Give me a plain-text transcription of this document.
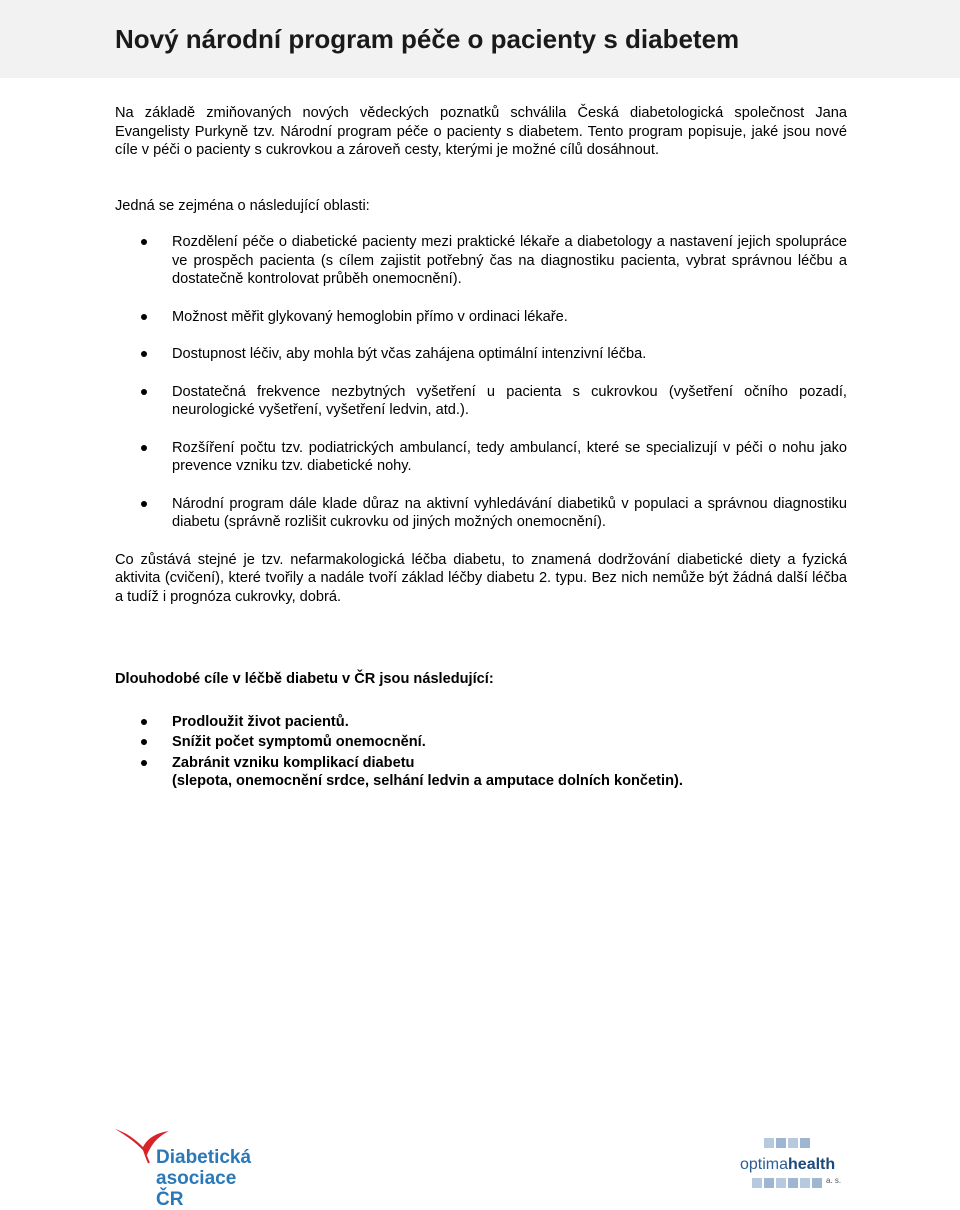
Nový národní program péče o pacienty s diabetem

Na základě zmiňovaných nových vědeckých poznatků schválila Česká diabetologická společnost Jana Evangelisty Purkyně tzv. Národní program péče o pacienty s diabetem. Tento program popisuje, jaké jsou nové cíle v péči o pacienty s cukrovkou a zároveň cesty, kterými je možné cílů dosáhnout.

Jedná se zejména o následující oblasti:

Rozdělení péče o diabetické pacienty mezi praktické lékaře a diabetology a nastavení jejich spolupráce ve prospěch pacienta (s cílem zajistit potřebný čas na diagnostiku pacienta, vybrat správnou léčbu a dostatečně kontrolovat průběh onemocnění).
Možnost měřit glykovaný hemoglobin přímo v ordinaci lékaře.
Dostupnost léčiv, aby mohla být včas zahájena optimální intenzivní léčba.
Dostatečná frekvence nezbytných vyšetření u pacienta s cukrovkou (vyšetření očního pozadí, neurologické vyšetření, vyšetření ledvin, atd.).
Rozšíření počtu tzv. podiatrických ambulancí, tedy ambulancí, které se specializují v péči o nohu jako prevence vzniku tzv. diabetické nohy.
Národní program dále klade důraz na aktivní vyhledávání diabetiků v populaci a správnou diagnostiku diabetu (správně rozlišit cukrovku od jiných možných onemocnění).

Co zůstává stejné je tzv. nefarmakologická léčba diabetu, to znamená dodržování diabetické diety a fyzická aktivita (cvičení), které tvořily a nadále tvoří základ léčby diabetu 2. typu. Bez nich nemůže být žádná další léčba a tudíž i prognóza cukrovky, dobrá.

Dlouhodobé cíle v léčbě diabetu v ČR jsou následující:

Prodloužit život pacientů.
Snížit počet symptomů onemocnění.
Zabránit vzniku komplikací diabetu
(slepota, onemocnění srdce, selhání ledvin a amputace dolních končetin).
Diabetická
asociace ČR
optimahealth
a. s.
